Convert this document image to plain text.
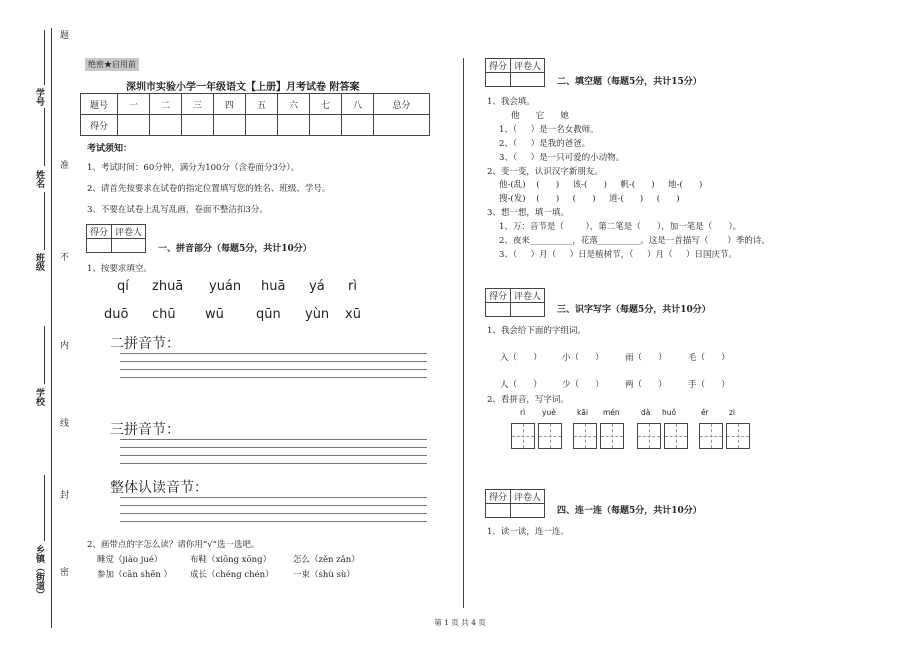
题
准
不
内
线
封
密
学号
姓名
班级
学校
乡镇（街道）
绝密★启用前
深圳市实验小学一年级语文【上册】月考试卷 附答案
题号	一	二	三	四	五	六	七	八	总分
得分									
考试须知：
1、考试时间：60分钟，满分为100分（含卷面分3分）。
2、请首先按要求在试卷的指定位置填写您的姓名、班级、学号。
3、不要在试卷上乱写乱画，卷面不整洁扣3分。
得分	评卷人

一、拼音部分（每题5分，共计10分）
1、按要求填空。
qí zhuā yuán huā yá rì
duō chū wū qūn yùn xū
二拼音节：
三拼音节：
整体认读音节：
2、画带点的字怎么读？请你用“√”选一选吧。
睡觉（jiào jué）	布鞋（xiōng xōng）	怎么（zěn zǎn）
参加（cān shēn ） 成长（chéng chén） 一束（shù sù）
得分	评卷人

二、填空题（每题5分，共计15分）
1、我会填。
他      它      她
1、（     ）是一名女教师。
2、（     ）是我的爸爸。
3、（     ）是一只可爱的小动物。
2、变一变，认识汉字新朋友。
他-(乱)    (      )     该-(      )     帆-(      )     地-(      )
搜-(发)    (      )     (      )     道-(      )     (      )
3、想一想，填一填。
1、万：音节是（        ），第二笔是（      ），加一笔是（      ）。
2、夜来__________，花落__________。这是一首描写（       ）季的诗。
3、（     ）月（     ）日是植树节，（     ）月（     ）日国庆节。
得分	评卷人

三、识字写字（每题5分，共计10分）
1、我会给下面的字组词。
入（      ） 小（      ）	雨（      ）	毛（      ）
人（      ） 少（      ）	两（      ）	手（      ）
2、看拼音，写字词。
rì yuè	kāi mén	dà huǒ	ér	zi
得分	评卷人

四、连一连（每题5分，共计10分）
1、读一读，连一连。
第 1 页 共 4 页
